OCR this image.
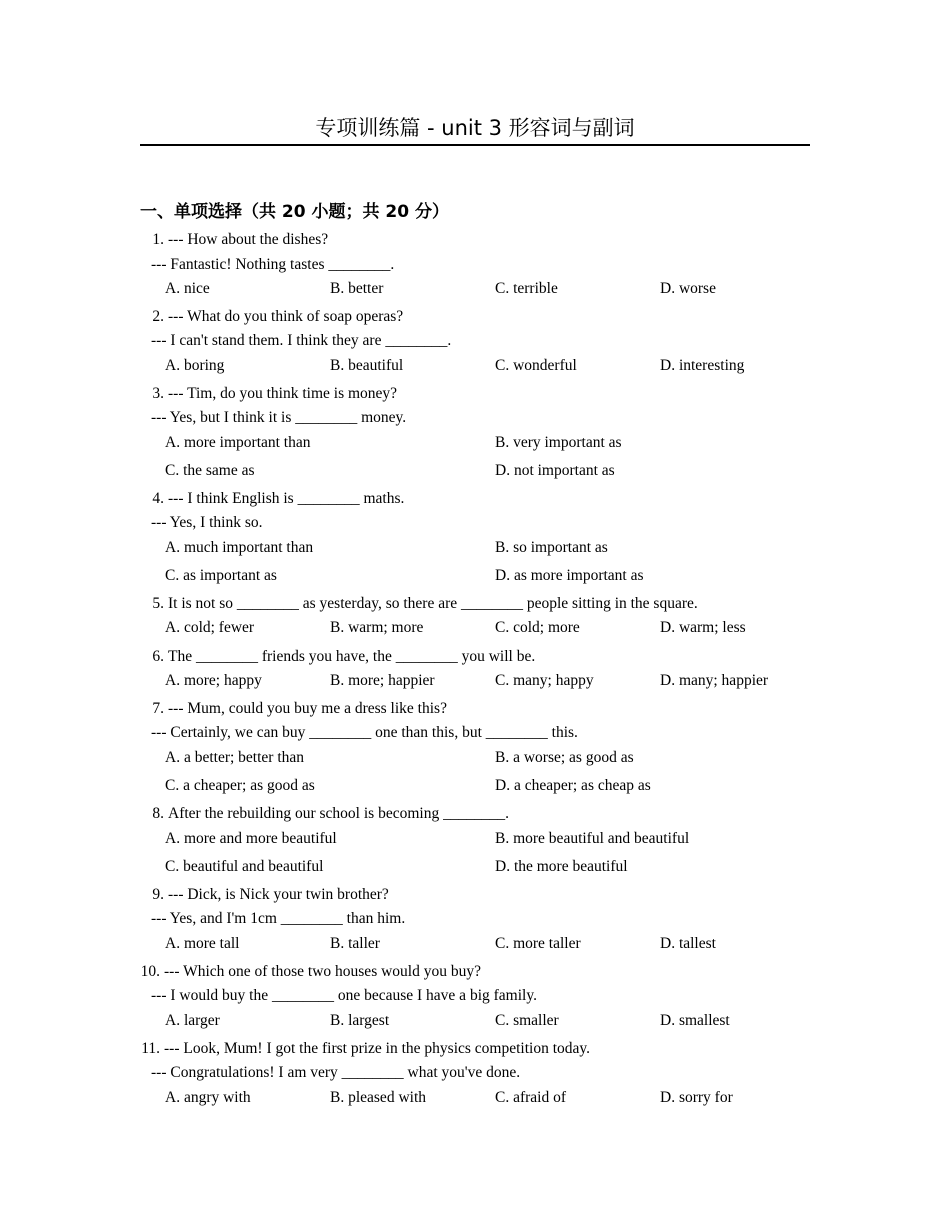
专项训练篇 - unit 3 形容词与副词
一、单项选择（共 20 小题；共 20 分）
1. --- How about the dishes?
--- Fantastic! Nothing tastes ________.
A. nice	B. better	C. terrible	D. worse
2. --- What do you think of soap operas?
--- I can't stand them. I think they are ________.
A. boring	B. beautiful	C. wonderful	D. interesting
3. --- Tim, do you think time is money?
--- Yes, but I think it is ________ money.
A. more important than	B. very important as
C. the same as	D. not important as
4. --- I think English is ________ maths.
--- Yes, I think so.
A. much important than	B. so important as
C. as important as	D. as more important as
5. It is not so ________ as yesterday, so there are ________ people sitting in the square.
A. cold; fewer	B. warm; more	C. cold; more	D. warm; less
6. The ________ friends you have, the ________ you will be.
A. more; happy	B. more; happier	C. many; happy	D. many; happier
7. --- Mum, could you buy me a dress like this?
--- Certainly, we can buy ________ one than this, but ________ this.
A. a better; better than	B. a worse; as good as
C. a cheaper; as good as	D. a cheaper; as cheap as
8. After the rebuilding our school is becoming ________.
A. more and more beautiful	B. more beautiful and beautiful
C. beautiful and beautiful	D. the more beautiful
9. --- Dick, is Nick your twin brother?
--- Yes, and I'm 1cm ________ than him.
A. more tall	B. taller	C. more taller	D. tallest
10. --- Which one of those two houses would you buy?
--- I would buy the ________ one because I have a big family.
A. larger	B. largest	C. smaller	D. smallest
11. --- Look, Mum! I got the first prize in the physics competition today.
--- Congratulations! I am very ________ what you've done.
A. angry with	B. pleased with	C. afraid of	D. sorry for
